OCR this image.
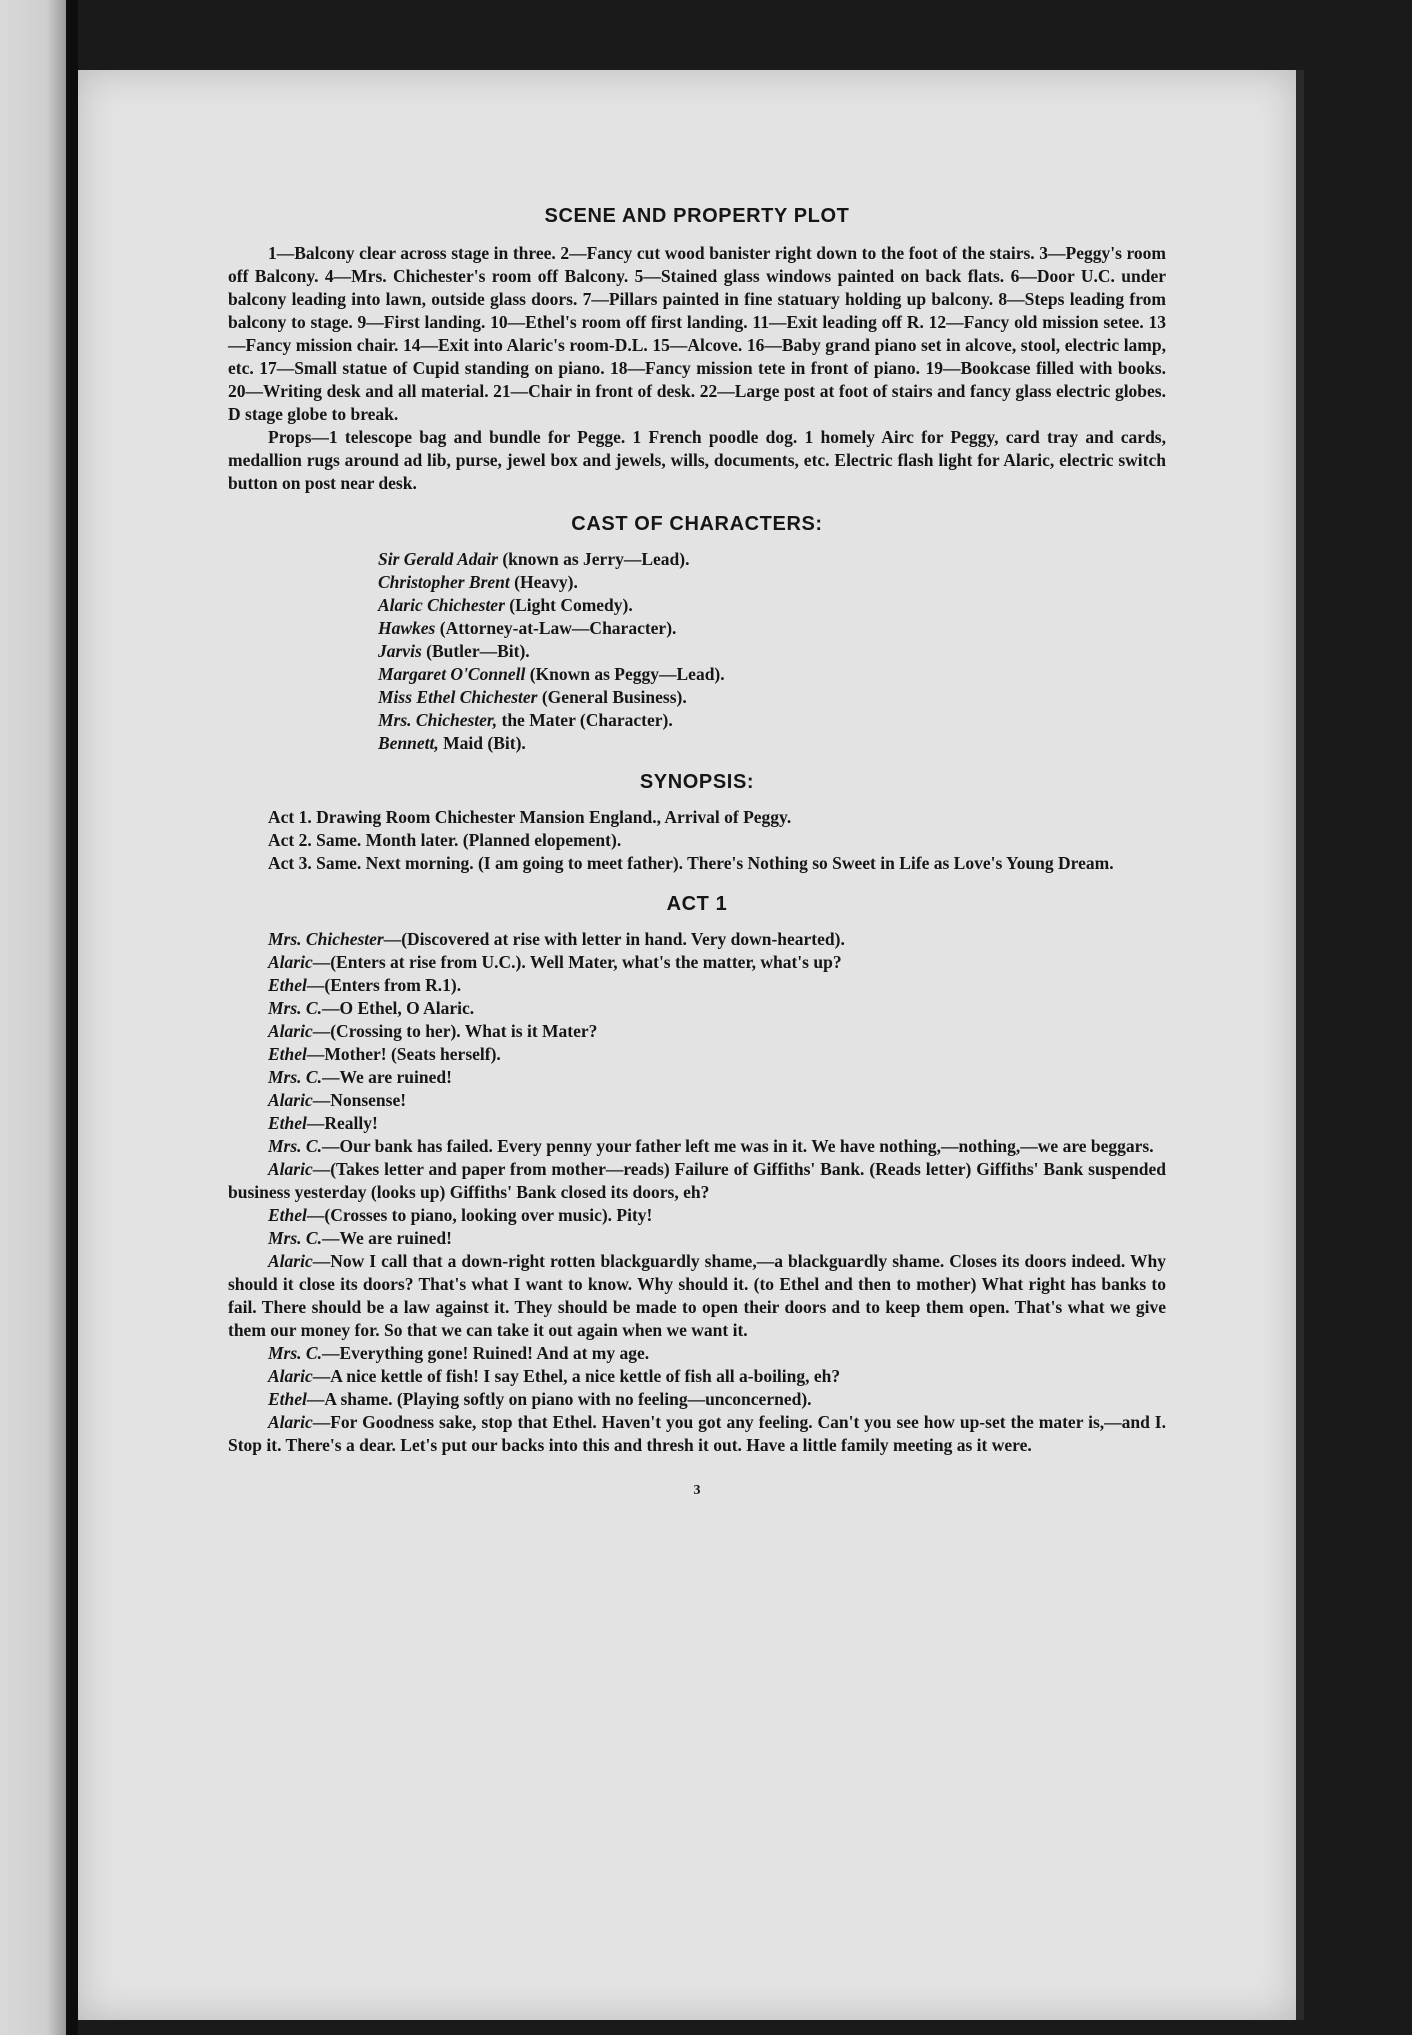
SCENE AND PROPERTY PLOT

1—Balcony clear across stage in three. 2—Fancy cut wood banister right down to the foot of the stairs. 3—Peggy's room off Balcony. 4—Mrs. Chichester's room off Balcony. 5—Stained glass windows painted on back flats. 6—Door U.C. under balcony leading into lawn, outside glass doors. 7—Pillars painted in fine statuary holding up balcony. 8—Steps leading from balcony to stage. 9—First landing. 10—Ethel's room off first landing. 11—Exit leading off R. 12—Fancy old mission setee. 13—Fancy mission chair. 14—Exit into Alaric's room-D.L. 15—Alcove. 16—Baby grand piano set in alcove, stool, electric lamp, etc. 17—Small statue of Cupid standing on piano. 18—Fancy mission tete in front of piano. 19—Bookcase filled with books. 20—Writing desk and all material. 21—Chair in front of desk. 22—Large post at foot of stairs and fancy glass electric globes. D stage globe to break.

Props—1 telescope bag and bundle for Pegge. 1 French poodle dog. 1 homely Airc for Peggy, card tray and cards, medallion rugs around ad lib, purse, jewel box and jewels, wills, documents, etc. Electric flash light for Alaric, electric switch button on post near desk.

CAST OF CHARACTERS:
Sir Gerald Adair (known as Jerry—Lead).
Christopher Brent (Heavy).
Alaric Chichester (Light Comedy).
Hawkes (Attorney-at-Law—Character).
Jarvis (Butler—Bit).
Margaret O'Connell (Known as Peggy—Lead).
Miss Ethel Chichester (General Business).
Mrs. Chichester, the Mater (Character).
Bennett, Maid (Bit).
SYNOPSIS:

Act 1. Drawing Room Chichester Mansion England., Arrival of Peggy.

Act 2. Same. Month later. (Planned elopement).

Act 3. Same. Next morning. (I am going to meet father). There's Nothing so Sweet in Life as Love's Young Dream.

ACT 1

Mrs. Chichester—(Discovered at rise with letter in hand. Very down-hearted).

Alaric—(Enters at rise from U.C.). Well Mater, what's the matter, what's up?

Ethel—(Enters from R.1).

Mrs. C.—O Ethel, O Alaric.

Alaric—(Crossing to her). What is it Mater?

Ethel—Mother! (Seats herself).

Mrs. C.—We are ruined!

Alaric—Nonsense!

Ethel—Really!

Mrs. C.—Our bank has failed. Every penny your father left me was in it. We have nothing,—nothing,—we are beggars.

Alaric—(Takes letter and paper from mother—reads) Failure of Giffiths' Bank. (Reads letter) Giffiths' Bank suspended business yesterday (looks up) Giffiths' Bank closed its doors, eh?

Ethel—(Crosses to piano, looking over music). Pity!

Mrs. C.—We are ruined!

Alaric—Now I call that a down-right rotten blackguardly shame,—a blackguardly shame. Closes its doors indeed. Why should it close its doors? That's what I want to know. Why should it. (to Ethel and then to mother) What right has banks to fail. There should be a law against it. They should be made to open their doors and to keep them open. That's what we give them our money for. So that we can take it out again when we want it.

Mrs. C.—Everything gone! Ruined! And at my age.

Alaric—A nice kettle of fish! I say Ethel, a nice kettle of fish all a-boiling, eh?

Ethel—A shame. (Playing softly on piano with no feeling—unconcerned).

Alaric—For Goodness sake, stop that Ethel. Haven't you got any feeling. Can't you see how up-set the mater is,—and I. Stop it. There's a dear. Let's put our backs into this and thresh it out. Have a little family meeting as it were.

3
